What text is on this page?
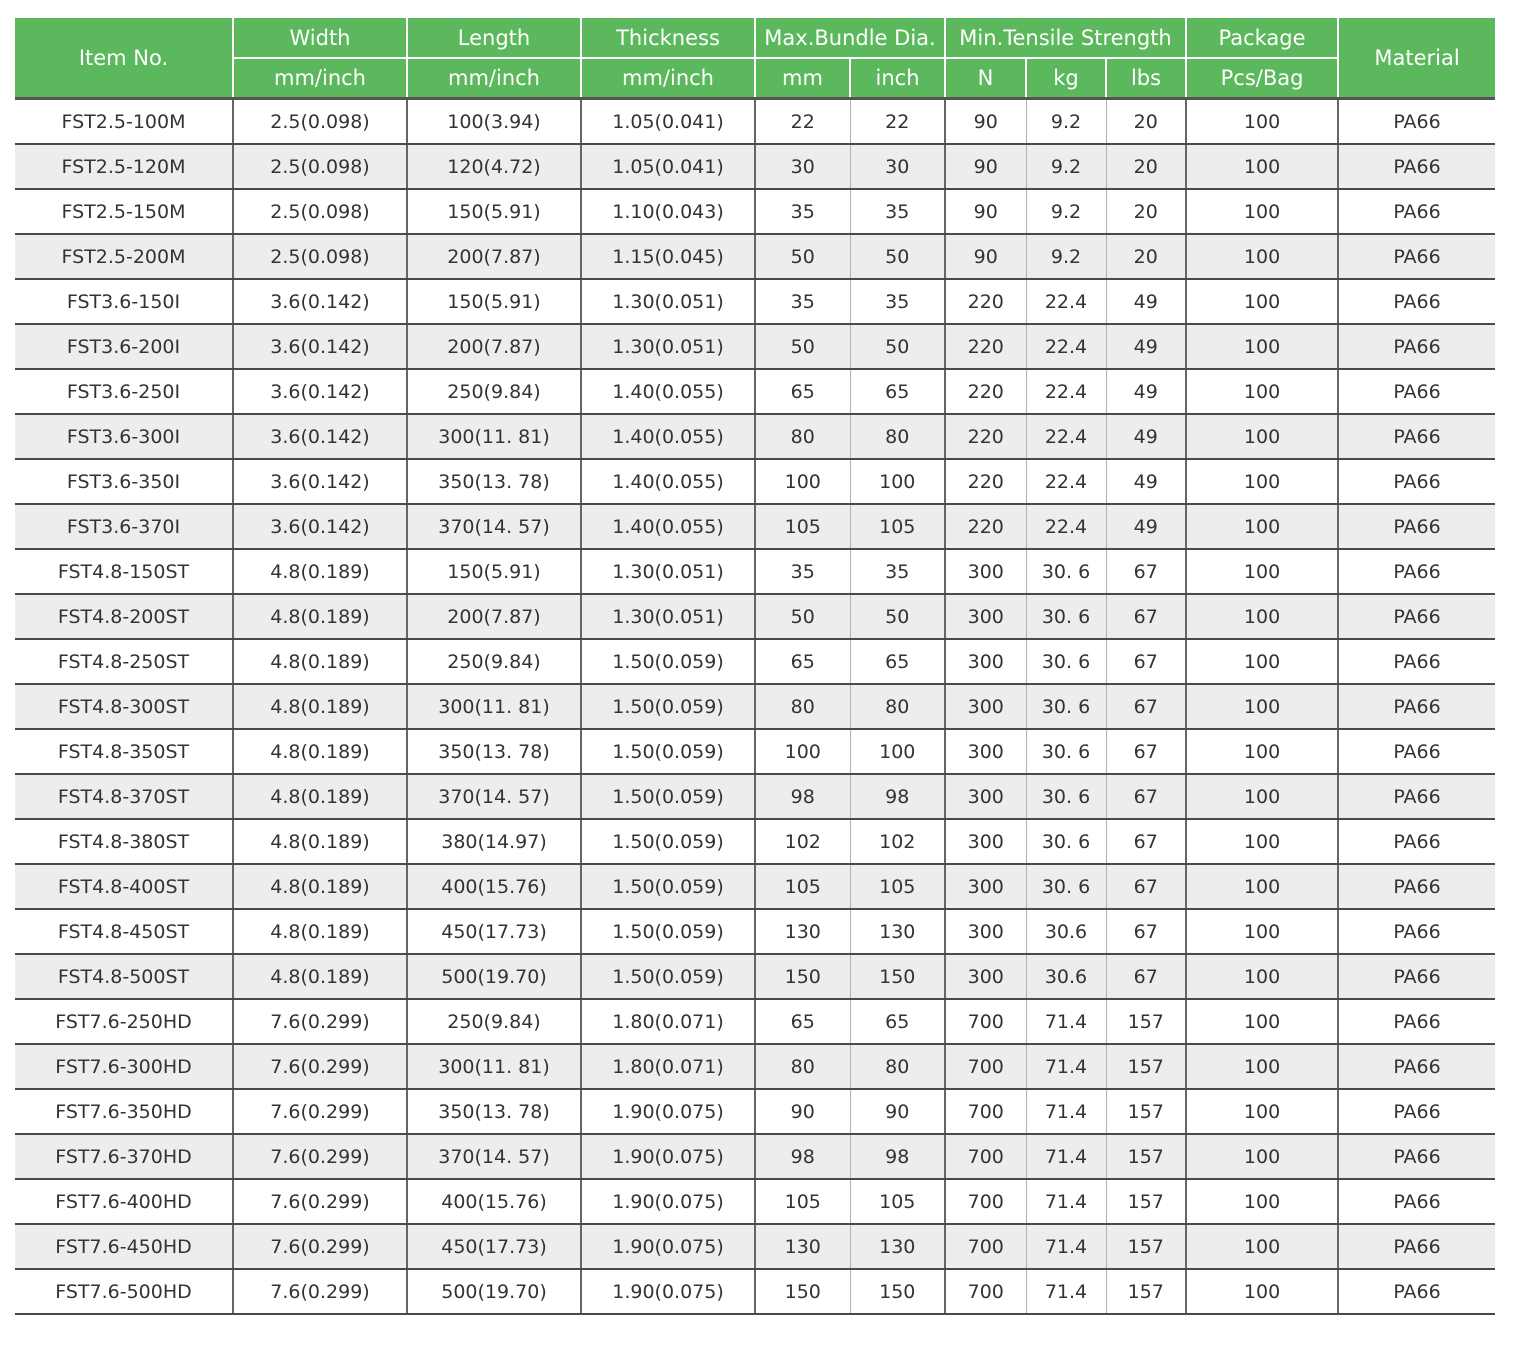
Item No.	Width	Length	Thickness	Max.Bundle Dia.		Min.Tensile Strength			Package	Material
	mm/inch	mm/inch	mm/inch	mm	inch	N	kg	lbs	Pcs/Bag	
FST2.5-100M	2.5(0.098)	100(3.94)	1.05(0.041)	22	22	90	9.2	20	100	PA66
FST2.5-120M	2.5(0.098)	120(4.72)	1.05(0.041)	30	30	90	9.2	20	100	PA66
FST2.5-150M	2.5(0.098)	150(5.91)	1.10(0.043)	35	35	90	9.2	20	100	PA66
FST2.5-200M	2.5(0.098)	200(7.87)	1.15(0.045)	50	50	90	9.2	20	100	PA66
FST3.6-150I	3.6(0.142)	150(5.91)	1.30(0.051)	35	35	220	22.4	49	100	PA66
FST3.6-200I	3.6(0.142)	200(7.87)	1.30(0.051)	50	50	220	22.4	49	100	PA66
FST3.6-250I	3.6(0.142)	250(9.84)	1.40(0.055)	65	65	220	22.4	49	100	PA66
FST3.6-300I	3.6(0.142)	300(11. 81)	1.40(0.055)	80	80	220	22.4	49	100	PA66
FST3.6-350I	3.6(0.142)	350(13. 78)	1.40(0.055)	100	100	220	22.4	49	100	PA66
FST3.6-370I	3.6(0.142)	370(14. 57)	1.40(0.055)	105	105	220	22.4	49	100	PA66
FST4.8-150ST	4.8(0.189)	150(5.91)	1.30(0.051)	35	35	300	30. 6	67	100	PA66
FST4.8-200ST	4.8(0.189)	200(7.87)	1.30(0.051)	50	50	300	30. 6	67	100	PA66
FST4.8-250ST	4.8(0.189)	250(9.84)	1.50(0.059)	65	65	300	30. 6	67	100	PA66
FST4.8-300ST	4.8(0.189)	300(11. 81)	1.50(0.059)	80	80	300	30. 6	67	100	PA66
FST4.8-350ST	4.8(0.189)	350(13. 78)	1.50(0.059)	100	100	300	30. 6	67	100	PA66
FST4.8-370ST	4.8(0.189)	370(14. 57)	1.50(0.059)	98	98	300	30. 6	67	100	PA66
FST4.8-380ST	4.8(0.189)	380(14.97)	1.50(0.059)	102	102	300	30. 6	67	100	PA66
FST4.8-400ST	4.8(0.189)	400(15.76)	1.50(0.059)	105	105	300	30. 6	67	100	PA66
FST4.8-450ST	4.8(0.189)	450(17.73)	1.50(0.059)	130	130	300	30.6	67	100	PA66
FST4.8-500ST	4.8(0.189)	500(19.70)	1.50(0.059)	150	150	300	30.6	67	100	PA66
FST7.6-250HD	7.6(0.299)	250(9.84)	1.80(0.071)	65	65	700	71.4	157	100	PA66
FST7.6-300HD	7.6(0.299)	300(11. 81)	1.80(0.071)	80	80	700	71.4	157	100	PA66
FST7.6-350HD	7.6(0.299)	350(13. 78)	1.90(0.075)	90	90	700	71.4	157	100	PA66
FST7.6-370HD	7.6(0.299)	370(14. 57)	1.90(0.075)	98	98	700	71.4	157	100	PA66
FST7.6-400HD	7.6(0.299)	400(15.76)	1.90(0.075)	105	105	700	71.4	157	100	PA66
FST7.6-450HD	7.6(0.299)	450(17.73)	1.90(0.075)	130	130	700	71.4	157	100	PA66
FST7.6-500HD	7.6(0.299)	500(19.70)	1.90(0.075)	150	150	700	71.4	157	100	PA66
